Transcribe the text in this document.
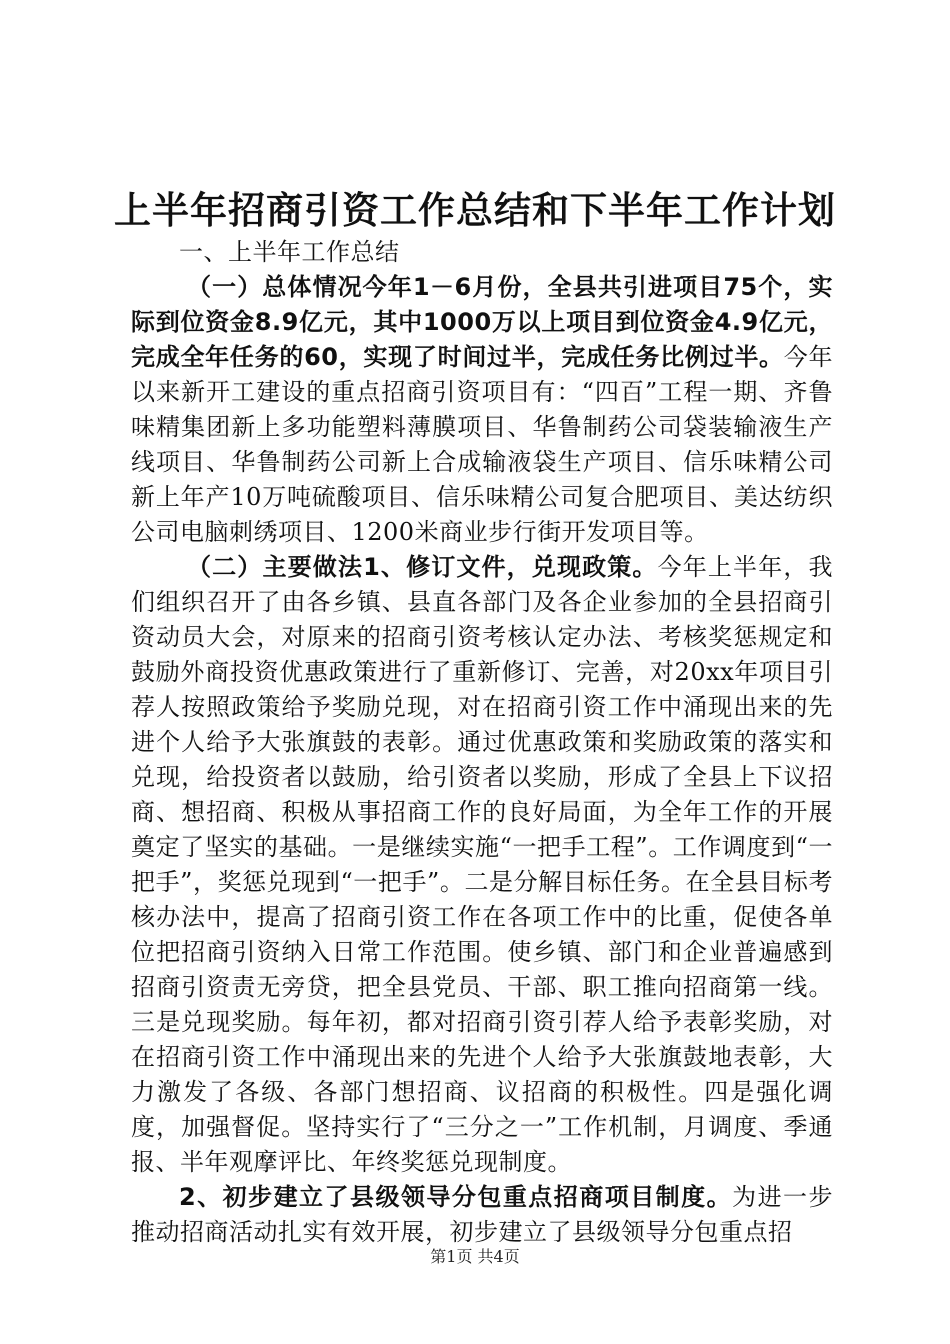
上半年招商引资工作总结和下半年工作计划

一、上半年工作总结

（一）总体情况今年1－6月份，全县共引进项目75个，实际到位资金8.9亿元，其中1000万以上项目到位资金4.9亿元，完成全年任务的60，实现了时间过半，完成任务比例过半。今年以来新开工建设的重点招商引资项目有：“四百”工程一期、齐鲁味精集团新上多功能塑料薄膜项目、华鲁制药公司袋装输液生产线项目、华鲁制药公司新上合成输液袋生产项目、信乐味精公司新上年产10万吨硫酸项目、信乐味精公司复合肥项目、美达纺织公司电脑刺绣项目、1200米商业步行街开发项目等。

（二）主要做法1、修订文件，兑现政策。今年上半年，我们组织召开了由各乡镇、县直各部门及各企业参加的全县招商引资动员大会，对原来的招商引资考核认定办法、考核奖惩规定和鼓励外商投资优惠政策进行了重新修订、完善，对20xx年项目引荐人按照政策给予奖励兑现，对在招商引资工作中涌现出来的先进个人给予大张旗鼓的表彰。通过优惠政策和奖励政策的落实和兑现，给投资者以鼓励，给引资者以奖励，形成了全县上下议招商、想招商、积极从事招商工作的良好局面，为全年工作的开展奠定了坚实的基础。一是继续实施“一把手工程”。工作调度到“一把手”，奖惩兑现到“一把手”。二是分解目标任务。在全县目标考核办法中，提高了招商引资工作在各项工作中的比重，促使各单位把招商引资纳入日常工作范围。使乡镇、部门和企业普遍感到招商引资责无旁贷，把全县党员、干部、职工推向招商第一线。三是兑现奖励。每年初，都对招商引资引荐人给予表彰奖励，对在招商引资工作中涌现出来的先进个人给予大张旗鼓地表彰，大力激发了各级、各部门想招商、议招商的积极性。四是强化调度，加强督促。坚持实行了“三分之一”工作机制，月调度、季通报、半年观摩评比、年终奖惩兑现制度。

2、初步建立了县级领导分包重点招商项目制度。为进一步推动招商活动扎实有效开展，初步建立了县级领导分包重点招

第1页 共4页
